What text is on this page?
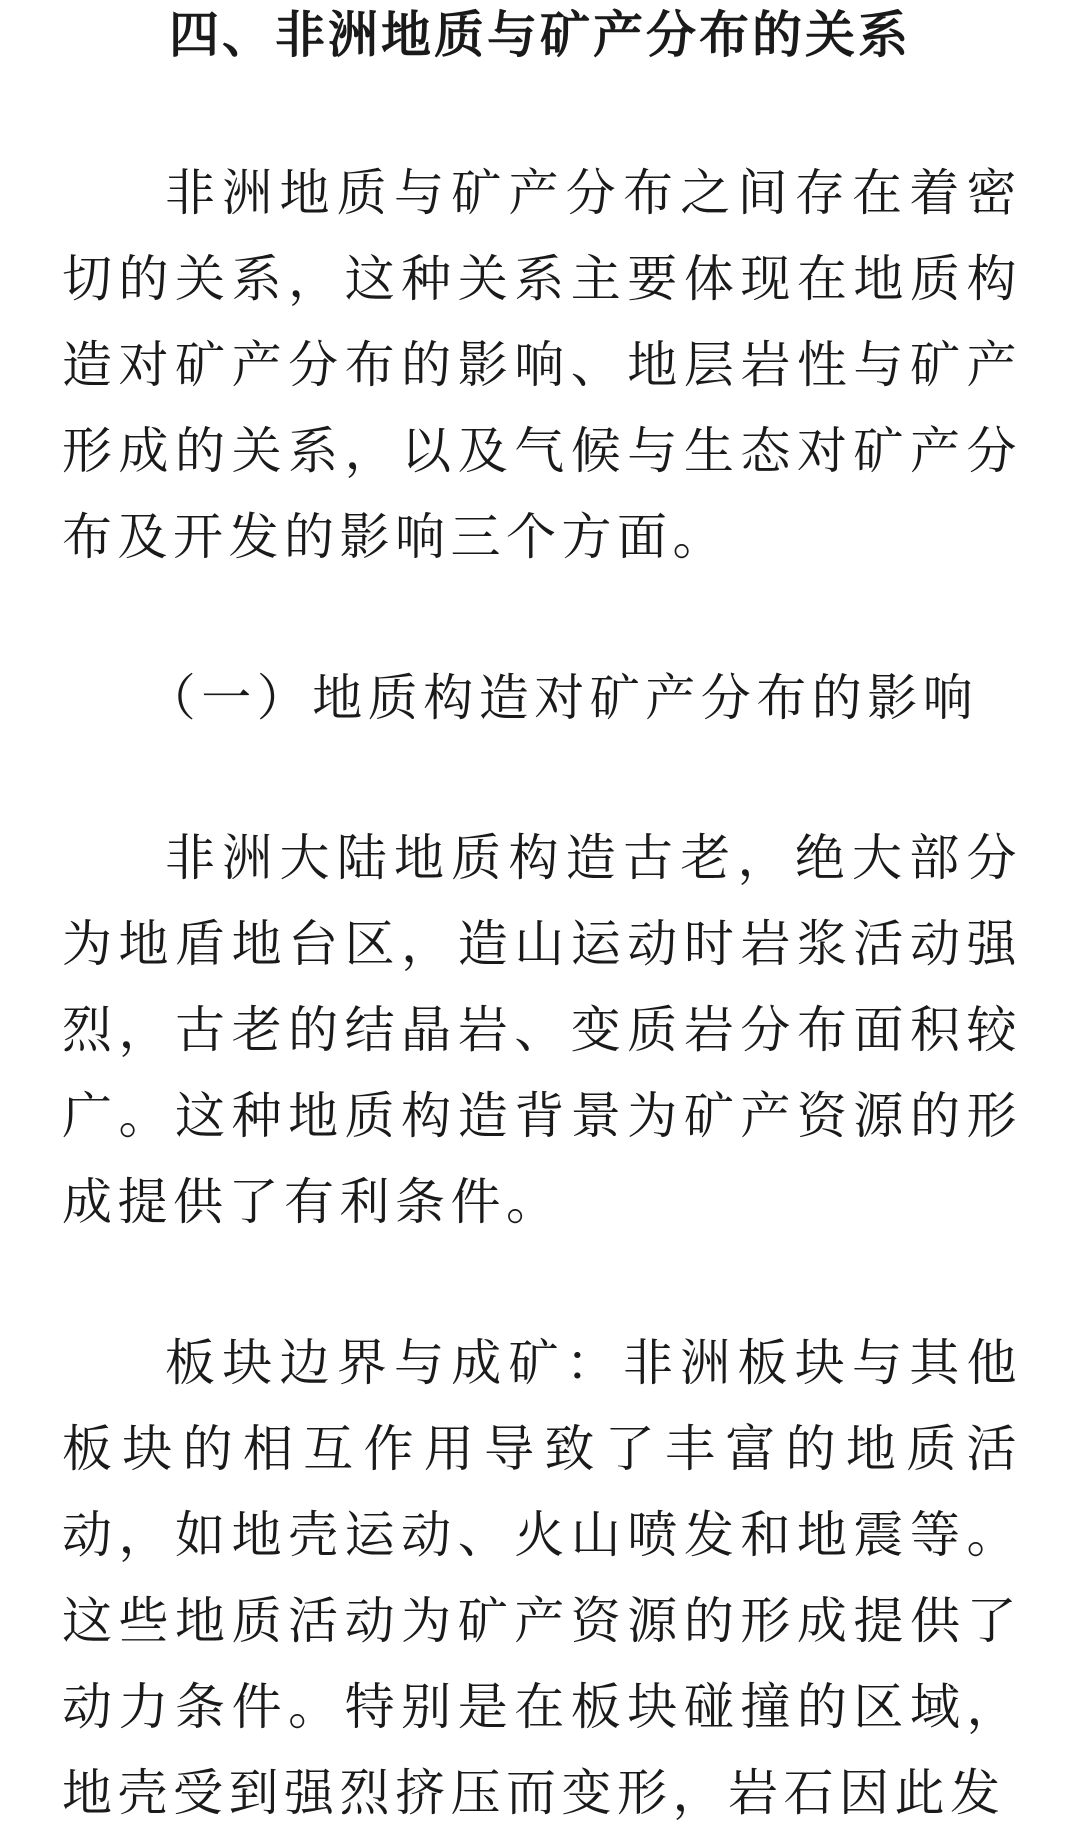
四、非洲地质与矿产分布的关系

非洲地质与矿产分布之间存在着密切的关系，这种关系主要体现在地质构造对矿产分布的影响、地层岩性与矿产形成的关系，以及气候与生态对矿产分布及开发的影响三个方面。

（一）地质构造对矿产分布的影响

非洲大陆地质构造古老，绝大部分为地盾地台区，造山运动时岩浆活动强烈，古老的结晶岩、变质岩分布面积较广。这种地质构造背景为矿产资源的形成提供了有利条件。

板块边界与成矿：非洲板块与其他板块的相互作用导致了丰富的地质活动，如地壳运动、火山喷发和地震等。这些地质活动为矿产资源的形成提供了动力条件。特别是在板块碰撞的区域，地壳受到强烈挤压而变形，岩石因此发
